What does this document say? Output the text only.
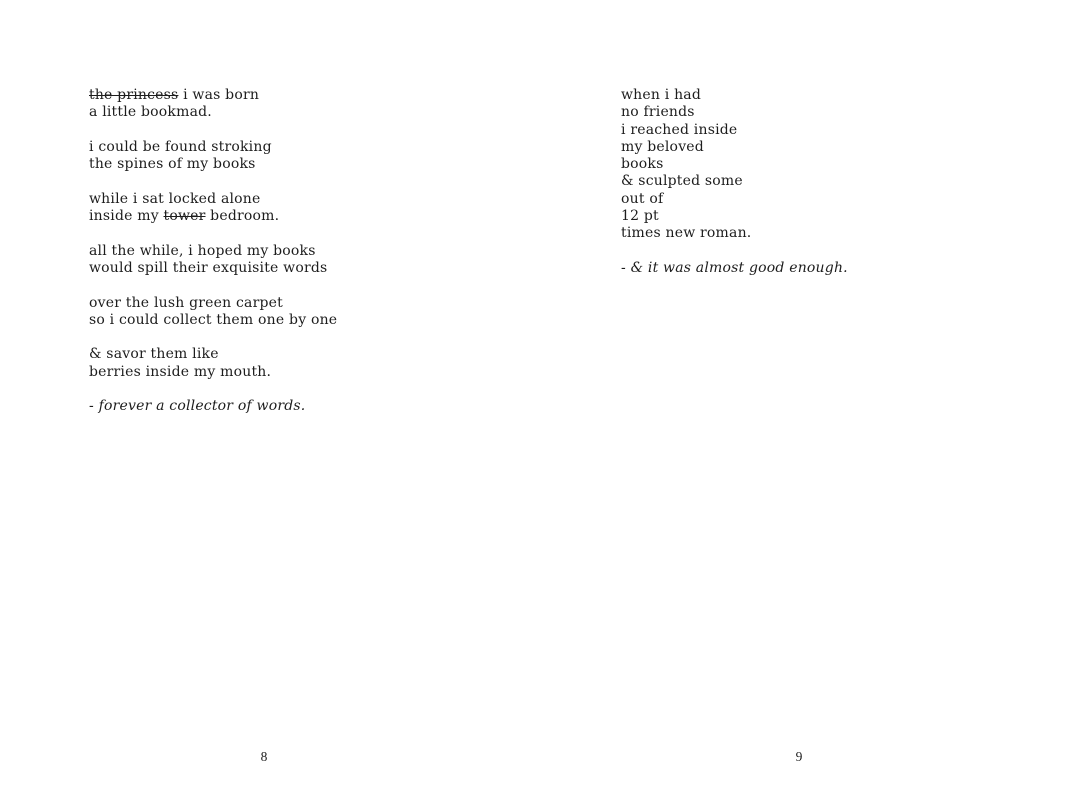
the princess i was born
a little bookmad.

i could be found stroking
the spines of my books

while i sat locked alone
inside my tower bedroom.

all the while, i hoped my books
would spill their exquisite words

over the lush green carpet
so i could collect them one by one

& savor them like
berries inside my mouth.

- forever a collector of words.
8
when i had
no friends
i reached inside
my beloved
books
& sculpted some
out of
12 pt
times new roman.

- & it was almost good enough.
9
